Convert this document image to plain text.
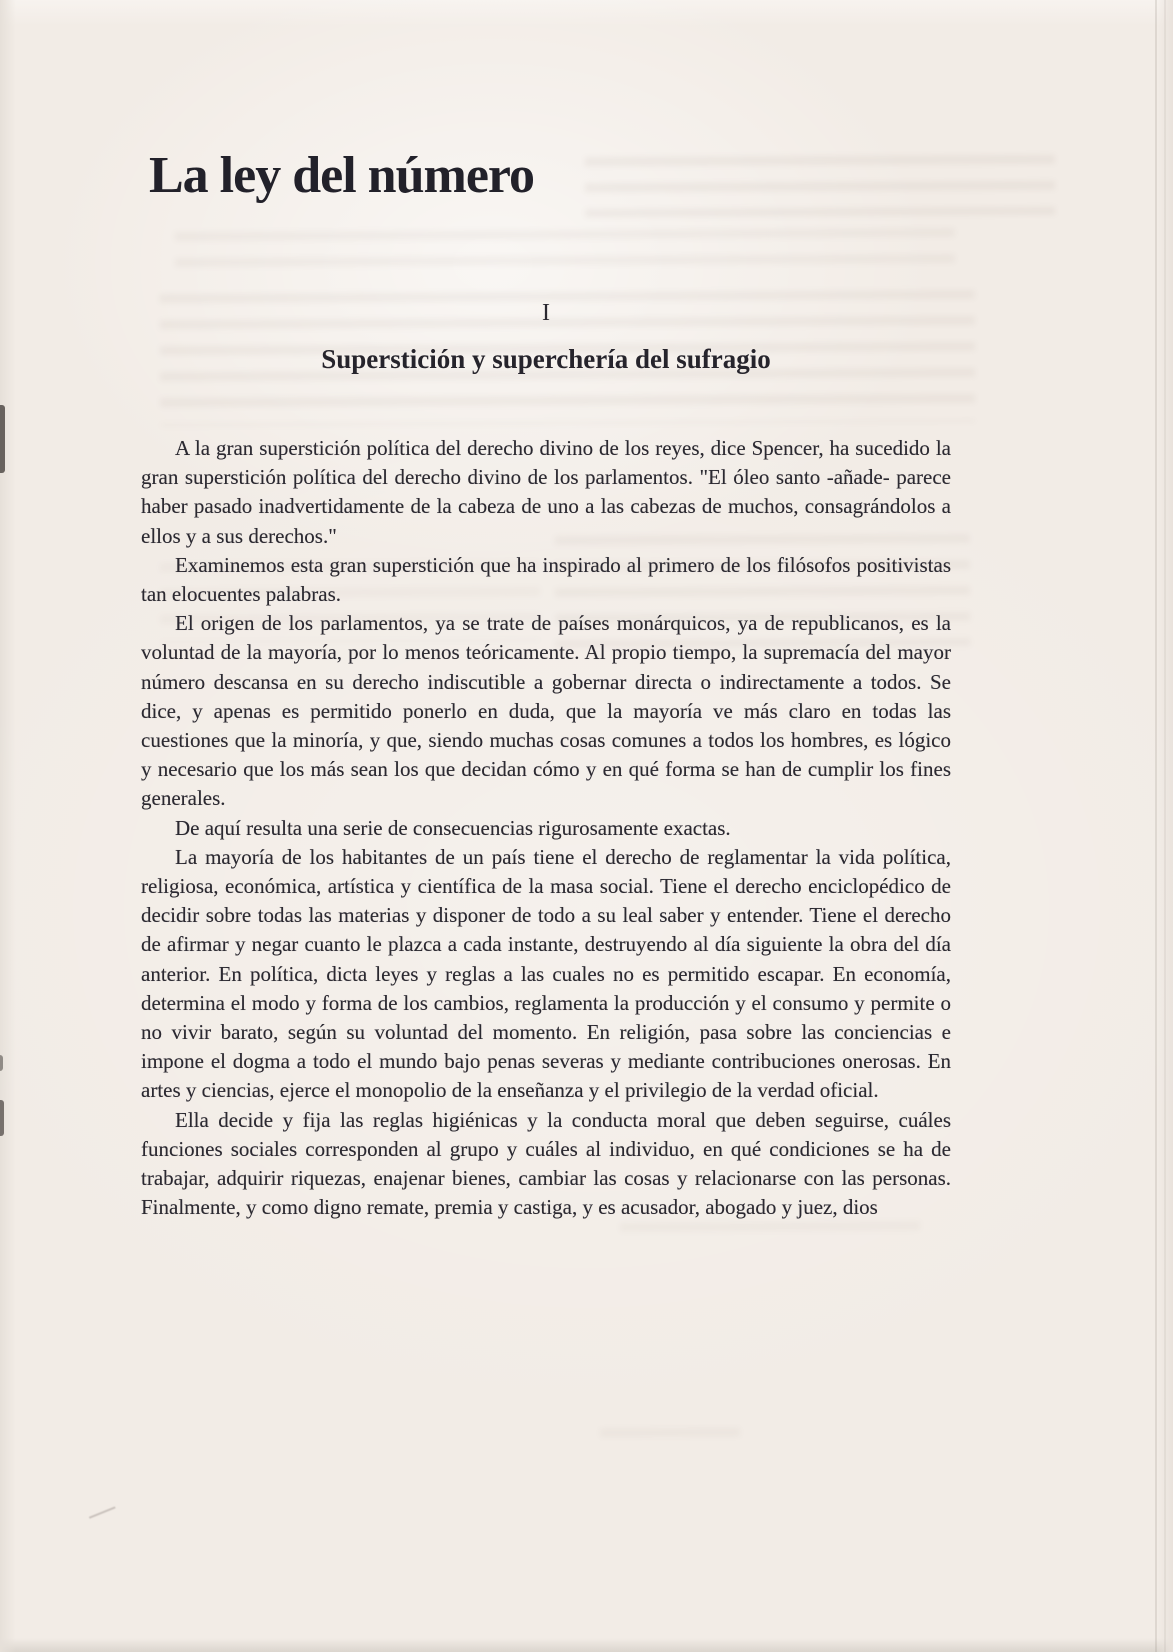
La ley del número
I
Superstición y superchería del sufragio

A la gran superstición política del derecho divino de los reyes, dice Spencer, ha sucedido la gran superstición política del derecho divino de los parlamentos. "El óleo santo -añade- parece haber pasado inadvertidamente de la cabeza de uno a las cabezas de muchos, consagrándolos a ellos y a sus derechos."

Examinemos esta gran superstición que ha inspirado al primero de los filósofos positivistas tan elocuentes palabras.

El origen de los parlamentos, ya se trate de países monárquicos, ya de republicanos, es la voluntad de la mayoría, por lo menos teóricamente. Al propio tiempo, la supremacía del mayor número descansa en su derecho indiscutible a gobernar directa o indirectamente a todos. Se dice, y apenas es permitido ponerlo en duda, que la mayoría ve más claro en todas las cuestiones que la minoría, y que, siendo muchas cosas comunes a todos los hombres, es lógico y necesario que los más sean los que decidan cómo y en qué forma se han de cumplir los fines generales.

De aquí resulta una serie de consecuencias rigurosamente exactas.

La mayoría de los habitantes de un país tiene el derecho de reglamentar la vida política, religiosa, económica, artística y científica de la masa social. Tiene el derecho enciclopédico de decidir sobre todas las materias y disponer de todo a su leal saber y entender. Tiene el derecho de afirmar y negar cuanto le plazca a cada instante, destruyendo al día siguiente la obra del día anterior. En política, dicta leyes y reglas a las cuales no es permitido escapar. En economía, determina el modo y forma de los cambios, reglamenta la producción y el consumo y permite o no vivir barato, según su voluntad del momento. En religión, pasa sobre las conciencias e impone el dogma a todo el mundo bajo penas severas y mediante contribuciones onerosas. En artes y ciencias, ejerce el monopolio de la enseñanza y el privilegio de la verdad oficial.

Ella decide y fija las reglas higiénicas y la conducta moral que deben seguirse, cuáles funciones sociales corresponden al grupo y cuáles al individuo, en qué condiciones se ha de trabajar, adquirir riquezas, enajenar bienes, cambiar las cosas y relacionarse con las personas. Finalmente, y como digno remate, premia y castiga, y es acusador, abogado y juez, dios
